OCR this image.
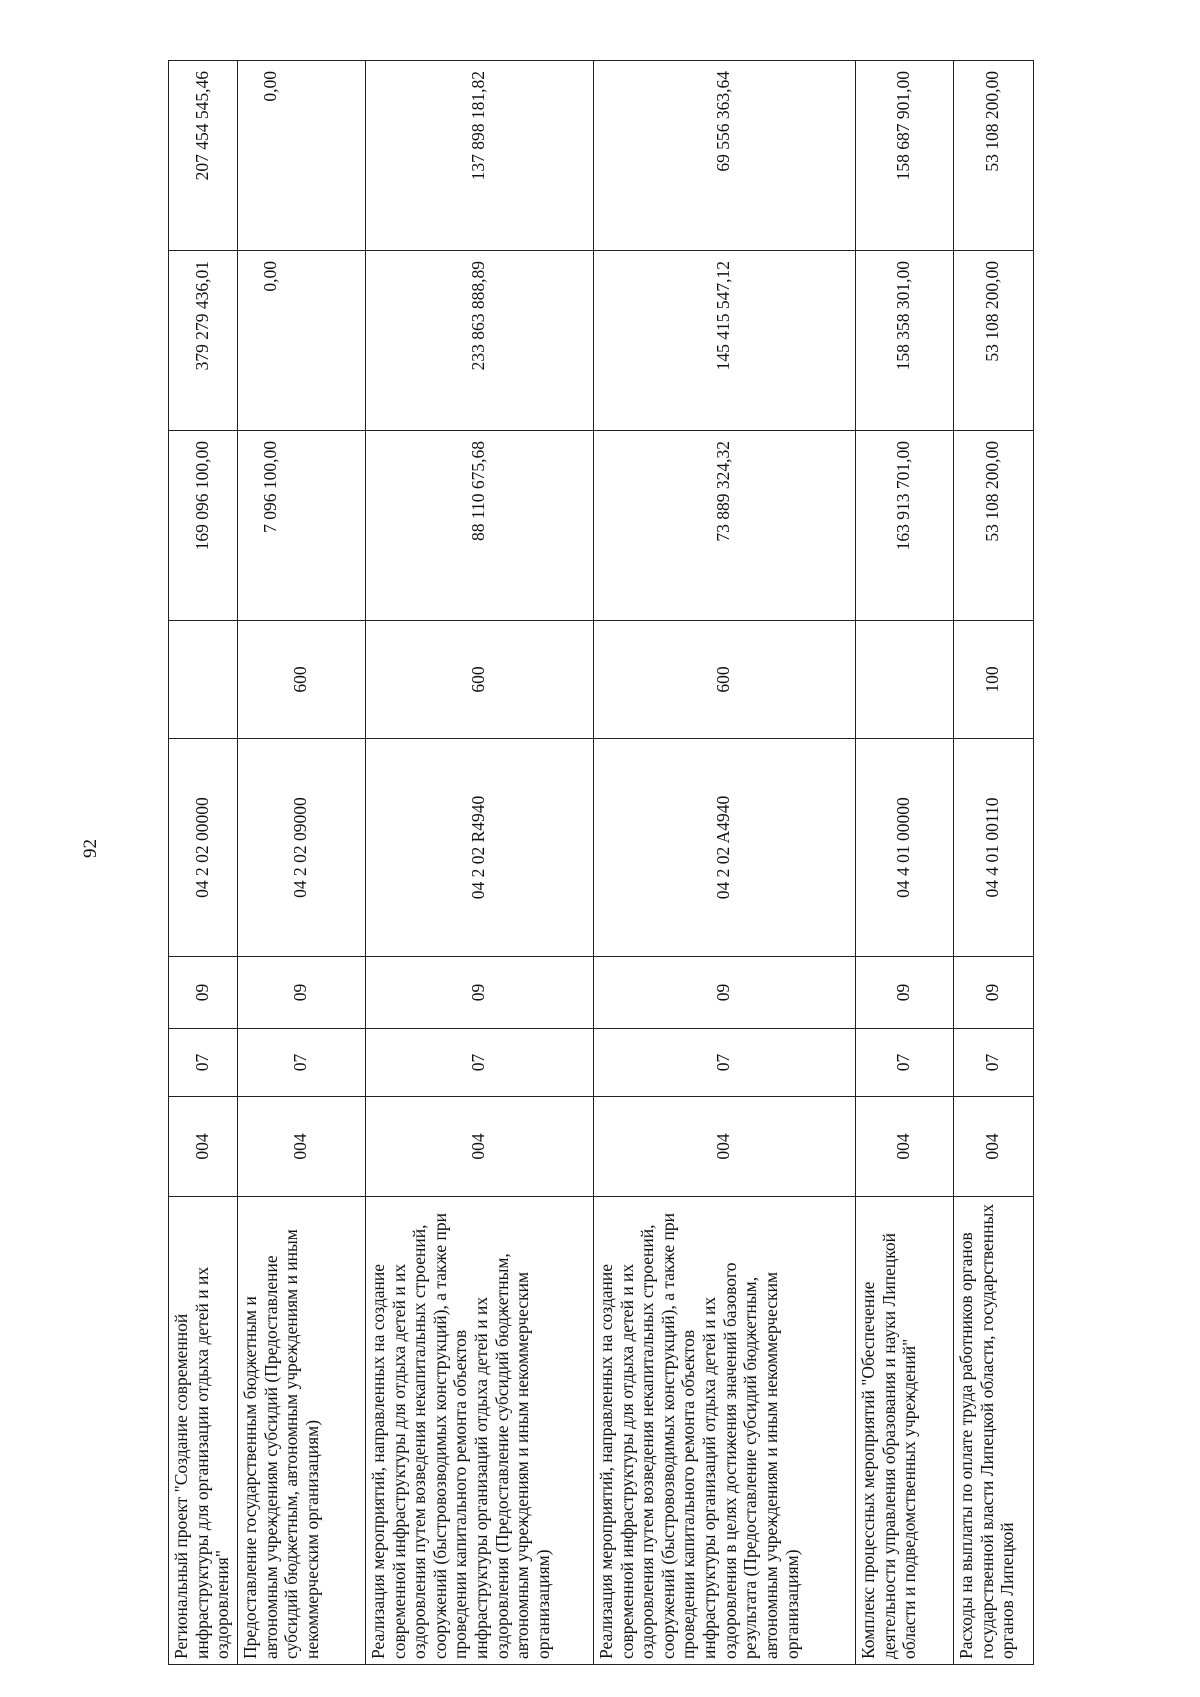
92
Региональный проект "Создание современной инфраструктуры для организации отдыха детей и их оздоровления"	004	07	09	04 2 02 00000		169 096 100,00	379 279 436,01	207 454 545,46
Предоставление государственным бюджетным и автономным учреждениям субсидий (Предоставление субсидий бюджетным, автономным учреждениям и иным некоммерческим организациям)	004	07	09	04 2 02 09000	600	7 096 100,00	0,00	0,00
Реализация мероприятий, направленных на создание современной инфраструктуры для отдыха детей и их оздоровления путем возведения некапитальных строений, сооружений (быстровозводимых конструкций), а также при проведении капитального ремонта объектов инфраструктуры организаций отдыха детей и их оздоровления (Предоставление субсидий бюджетным, автономным учреждениям и иным некоммерческим организациям)	004	07	09	04 2 02 R4940	600	88 110 675,68	233 863 888,89	137 898 181,82
Реализация мероприятий, направленных на создание современной инфраструктуры для отдыха детей и их оздоровления путем возведения некапитальных строений, сооружений (быстровозводимых конструкций), а также при проведении капитального ремонта объектов инфраструктуры организаций отдыха детей и их оздоровления в целях достижения значений базового результата (Предоставление субсидий бюджетным, автономным учреждениям и иным некоммерческим организациям)	004	07	09	04 2 02 A4940	600	73 889 324,32	145 415 547,12	69 556 363,64
Комплекс процессных мероприятий "Обеспечение деятельности управления образования и науки Липецкой области и подведомственных учреждений"	004	07	09	04 4 01 00000		163 913 701,00	158 358 301,00	158 687 901,00
Расходы на выплаты по оплате труда работников органов государственной власти Липецкой области, государственных органов Липецкой	004	07	09	04 4 01 00110	100	53 108 200,00	53 108 200,00	53 108 200,00
